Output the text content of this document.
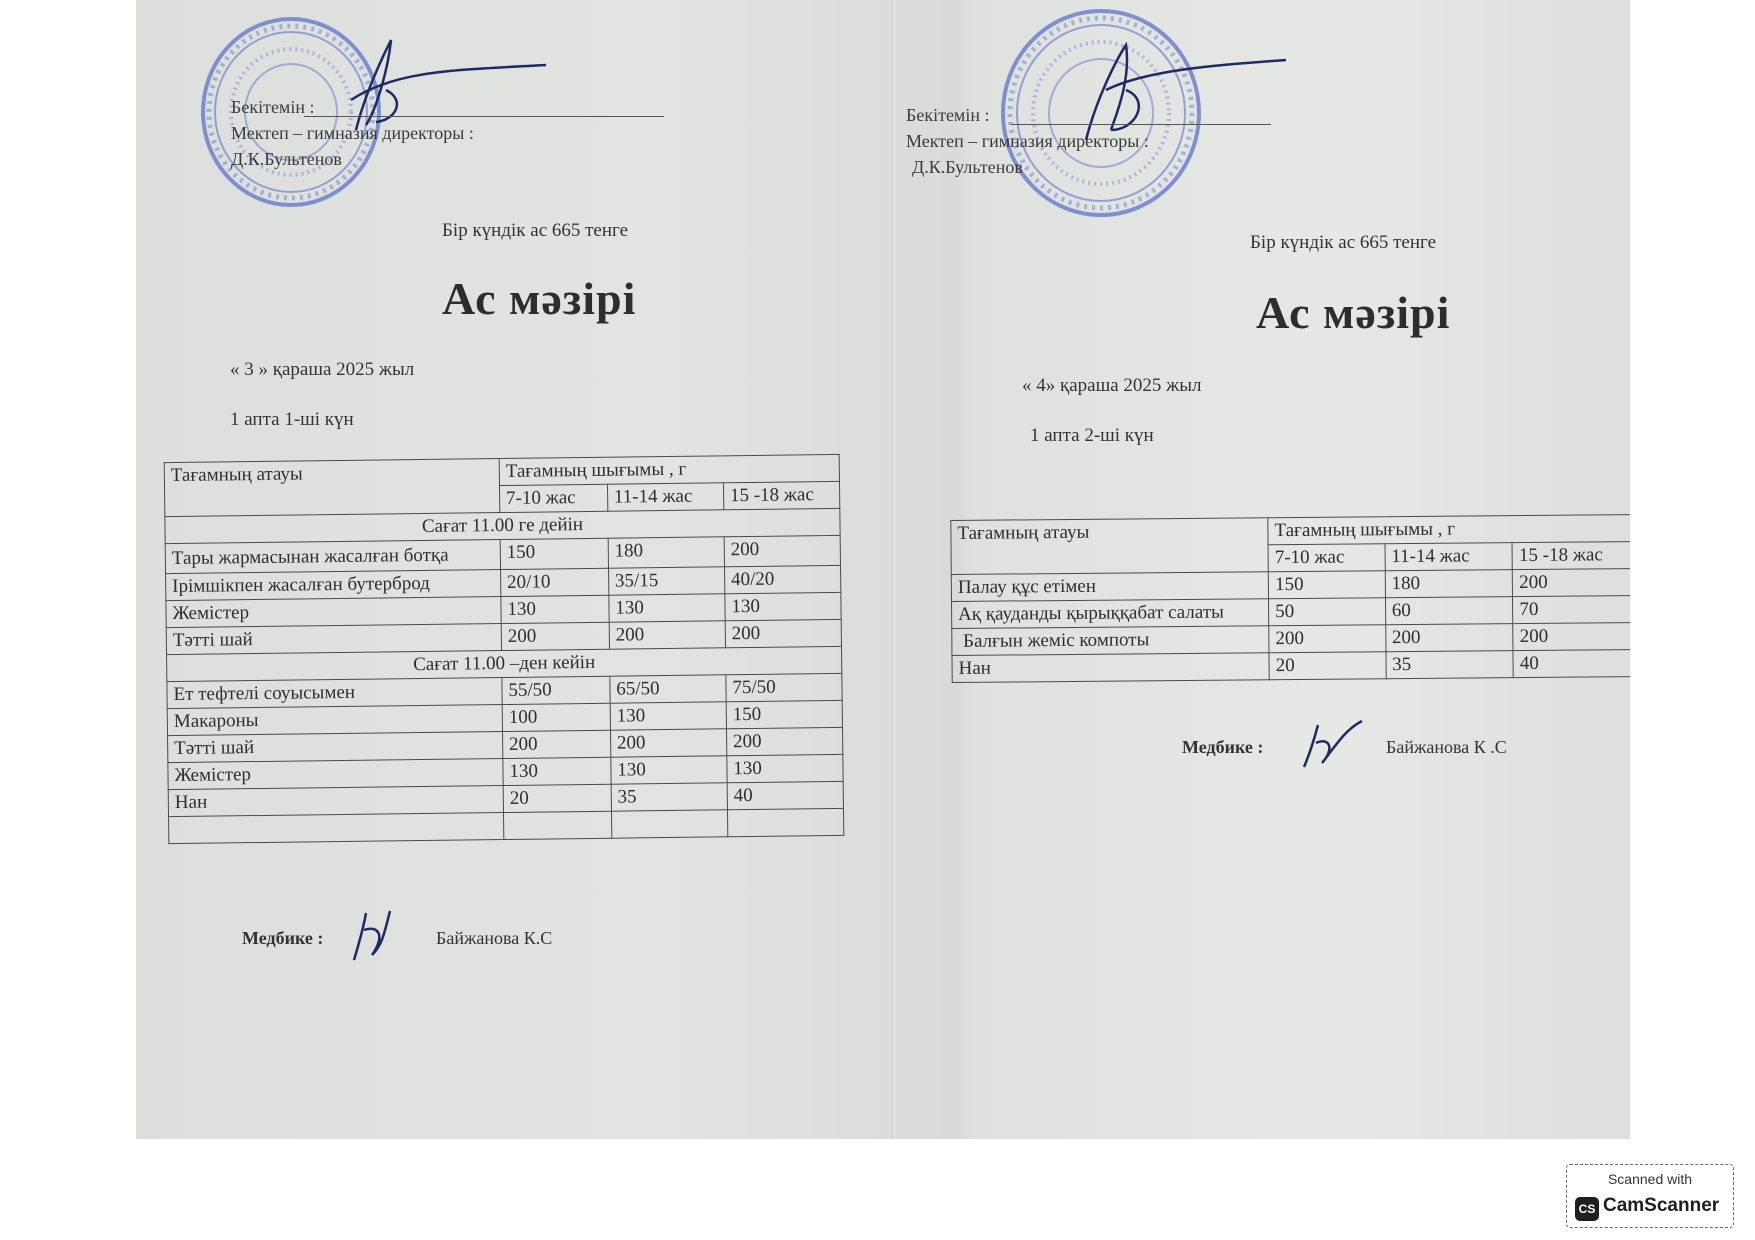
Бекітемін :
Мектеп – гимназия директоры :
Д.К.Бультенов
Бір күндік ас 665 тенге
Ас мәзірі
« 3 » қараша 2025 жыл
1 апта 1-ші күн
Тағамның атауы	Тағамның шығымы , г		
	7-10 жас	11-14 жас	15 -18 жас
Сағат 11.00 ге дейін			
Тары жармасынан жасалған ботқа	150	180	200
Ірімшікпен жасалған бутерброд	20/10	35/15	40/20
Жемістер	130	130	130
Тәтті шай	200	200	200
Сағат 11.00 –ден кейін			
Ет тефтелі соуысымен	55/50	65/50	75/50
Макароны	100	130	150
Тәтті шай	200	200	200
Жемістер	130	130	130
Нан	20	35	40

Медбике :	Байжанова К.С
Бекітемін :
Мектеп – гимназия директоры :
Д.К.Бультенов
Бір күндік ас 665 тенге
Ас мәзірі
« 4» қараша 2025 жыл
1 апта 2-ші күн
Тағамның атауы	Тағамның шығымы , г		
	7-10 жас	11-14 жас	15 -18 жас
Палау құс етімен	150	180	200
Ақ қауданды қырыққабат салаты	50	60	70
Балғын жеміс компоты	200	200	200
Нан	20	35	40
Медбике :	Байжанова К .С
Scanned with
CS CamScanner
